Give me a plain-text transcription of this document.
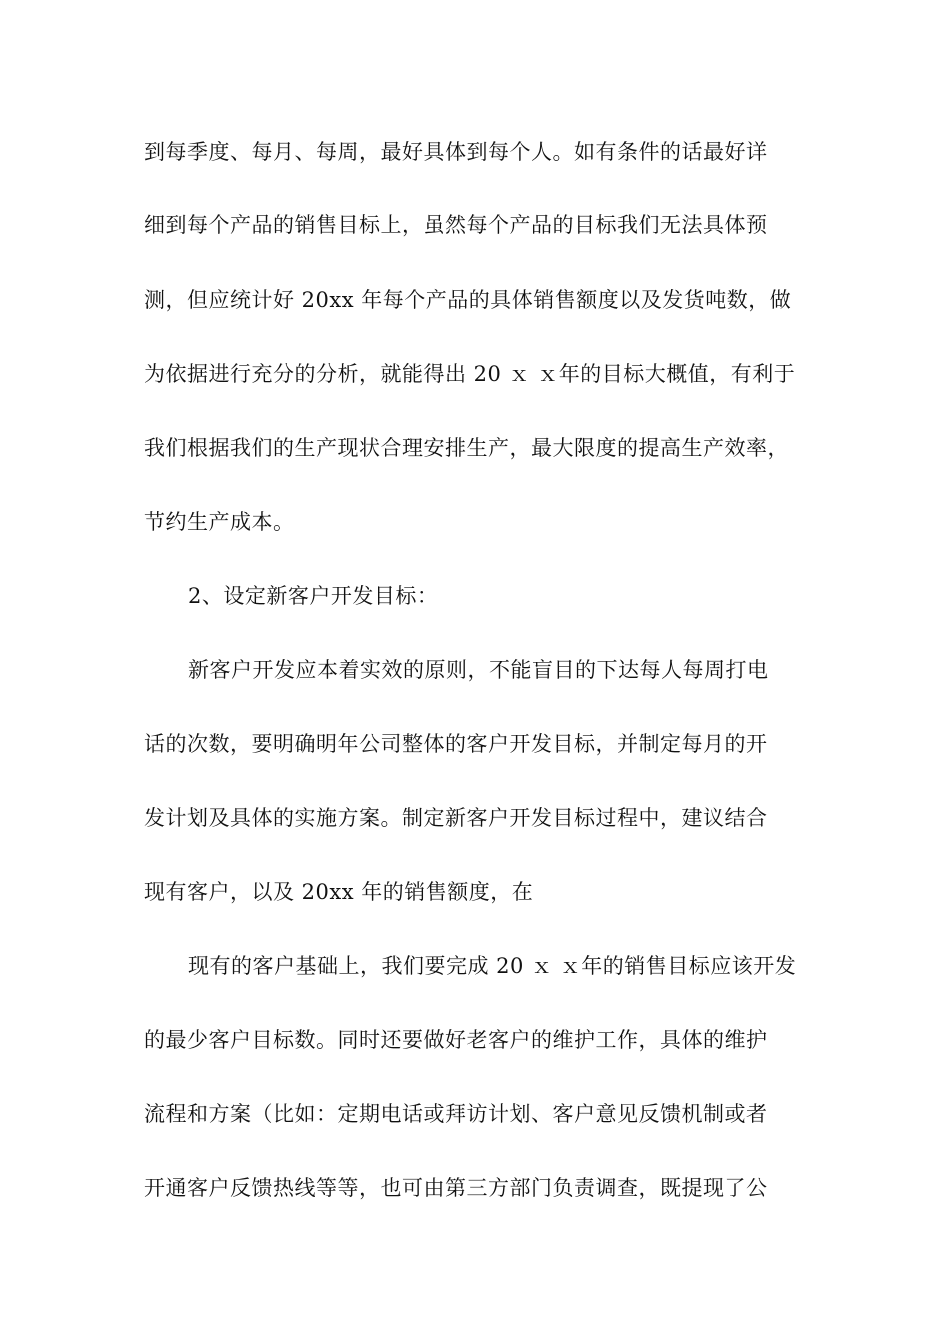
到每季度、每月、每周，最好具体到每个人。如有条件的话最好详
细到每个产品的销售目标上，虽然每个产品的目标我们无法具体预
测，但应统计好 20xx 年每个产品的具体销售额度以及发货吨数，做
为依据进行充分的分析，就能得出 20 ｘ ｘ年的目标大概值，有利于
我们根据我们的生产现状合理安排生产，最大限度的提高生产效率，
节约生产成本。
2、设定新客户开发目标：
新客户开发应本着实效的原则，不能盲目的下达每人每周打电
话的次数，要明确明年公司整体的客户开发目标，并制定每月的开
发计划及具体的实施方案。制定新客户开发目标过程中，建议结合
现有客户，以及 20xx 年的销售额度，在
现有的客户基础上，我们要完成 20 ｘ ｘ年的销售目标应该开发
的最少客户目标数。同时还要做好老客户的维护工作，具体的维护
流程和方案（比如：定期电话或拜访计划、客户意见反馈机制或者
开通客户反馈热线等等，也可由第三方部门负责调查，既提现了公
